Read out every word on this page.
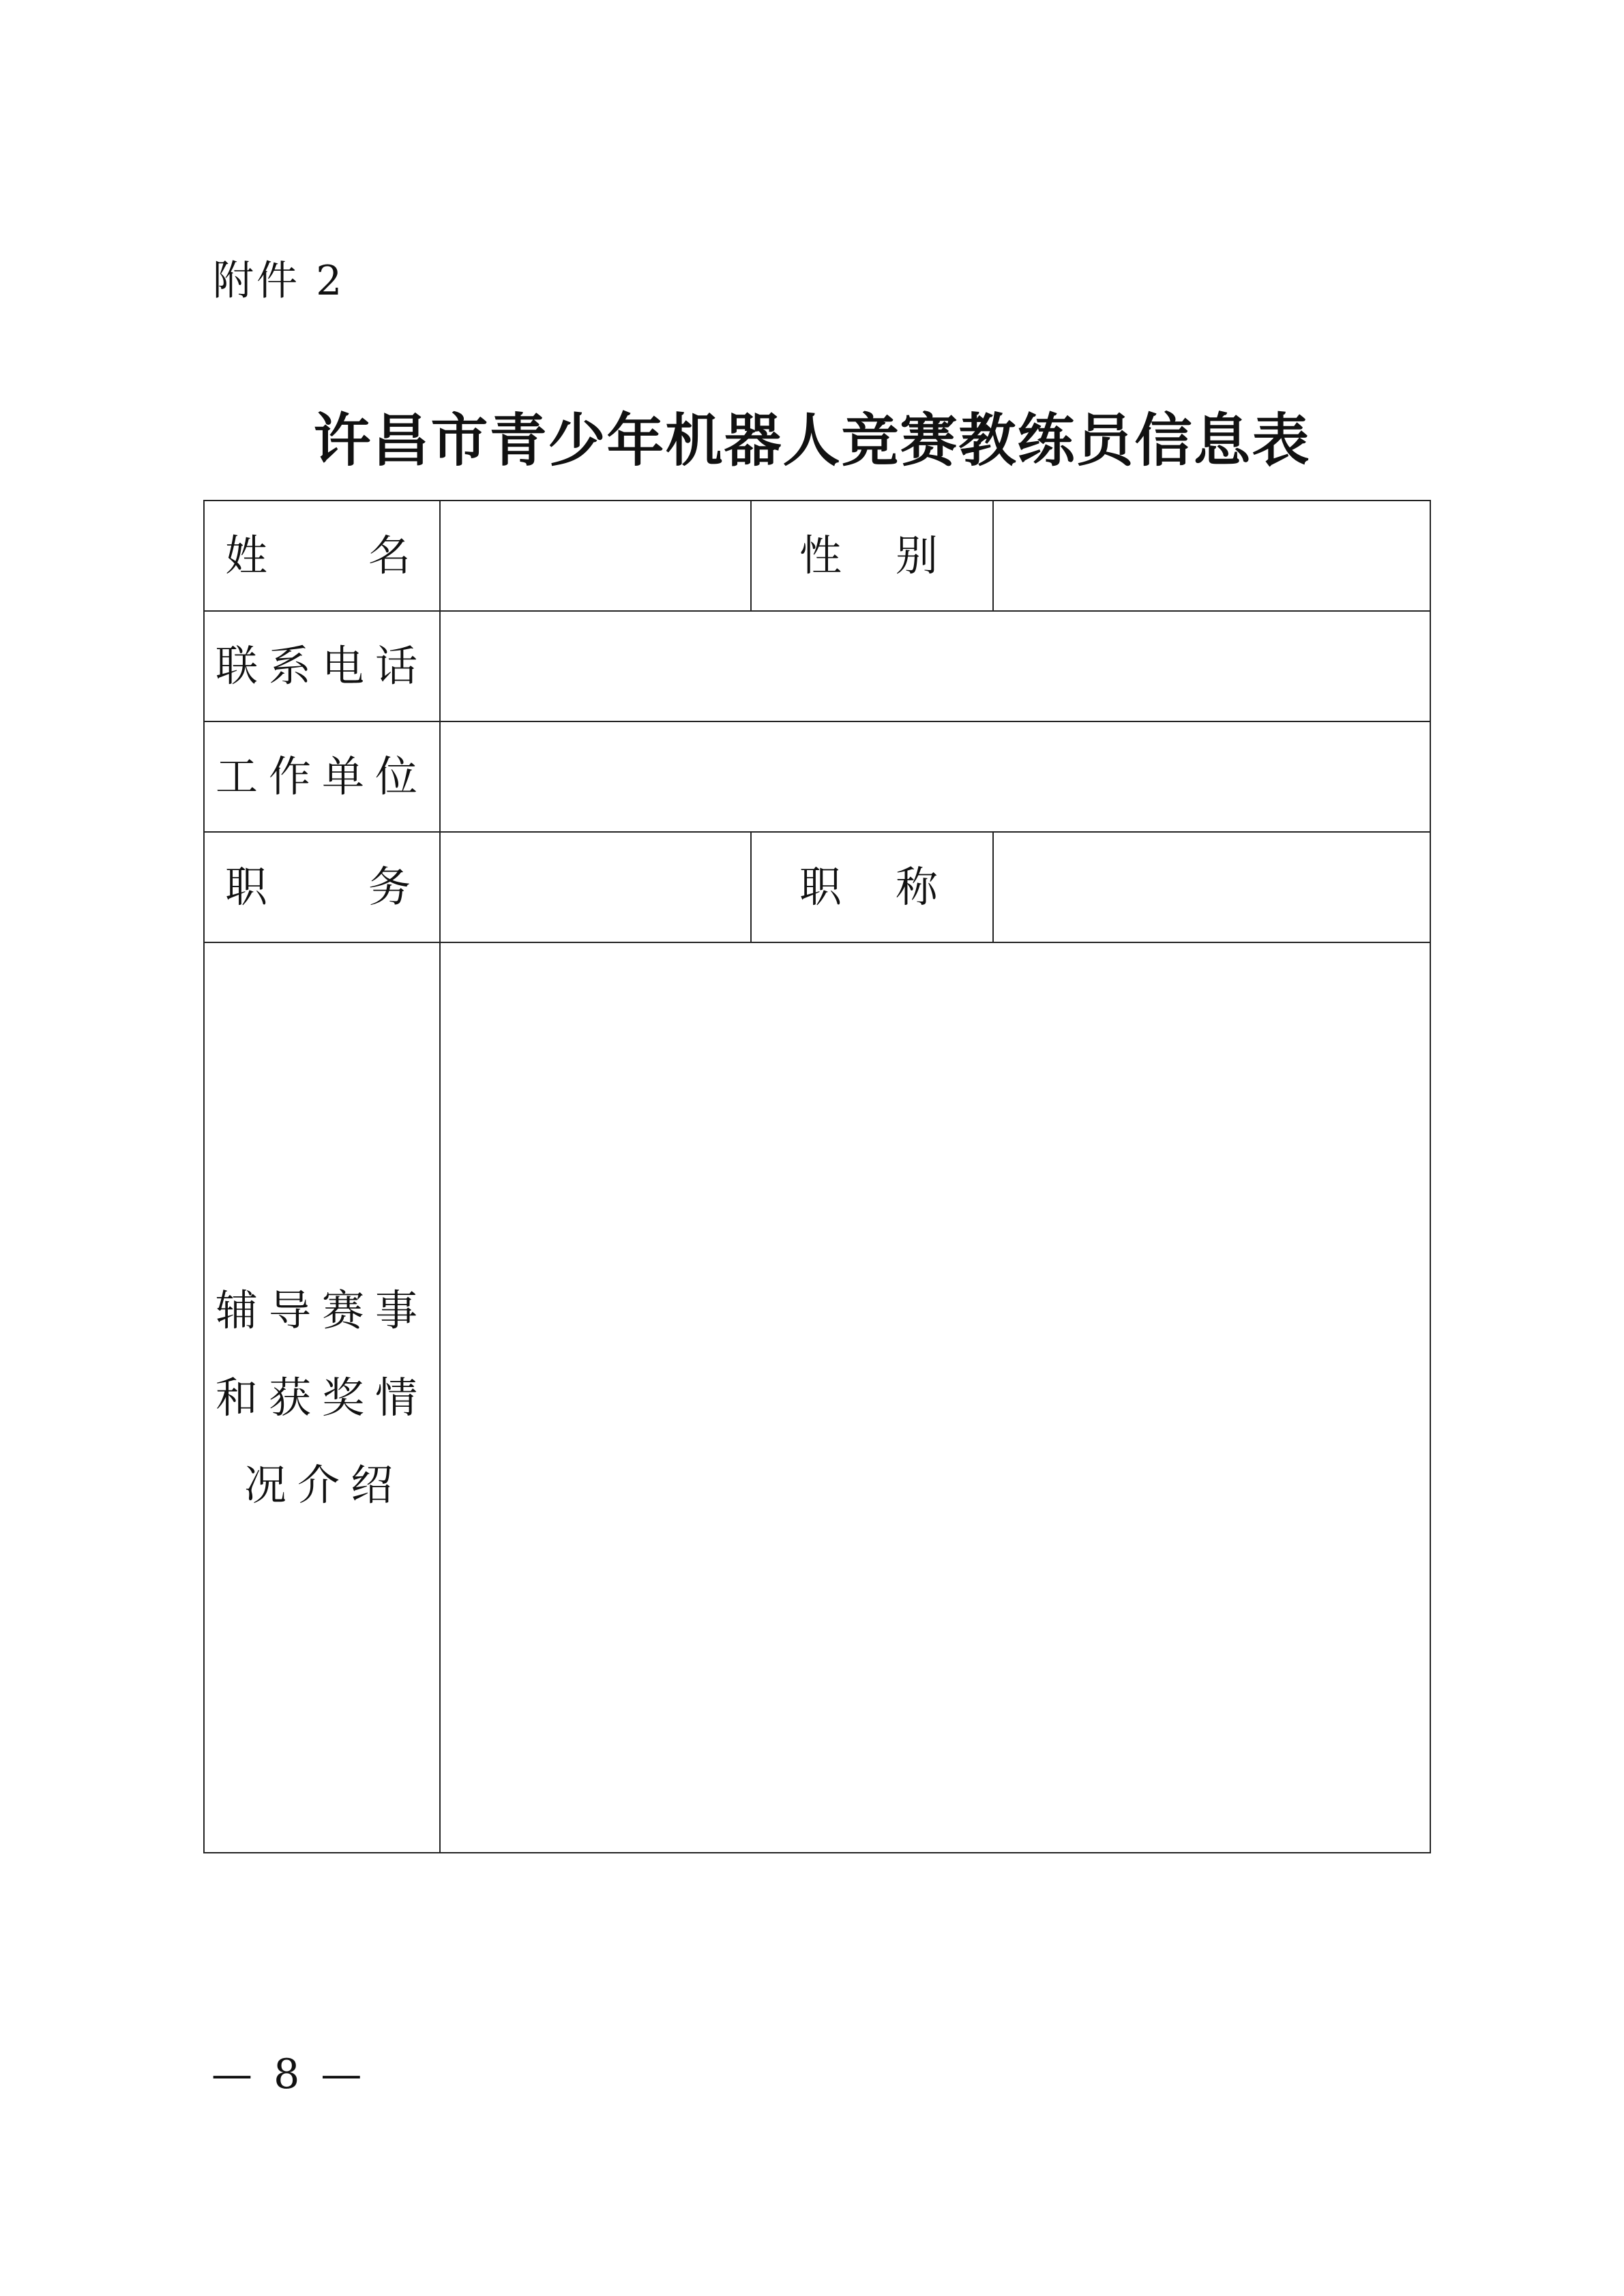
附件 2
许昌市青少年机器人竞赛教练员信息表
姓 名		性 别	

联系电话			
工作单位			

职 务		职 称	

辅导赛事
和获奖情
况介绍			

— 8 —
